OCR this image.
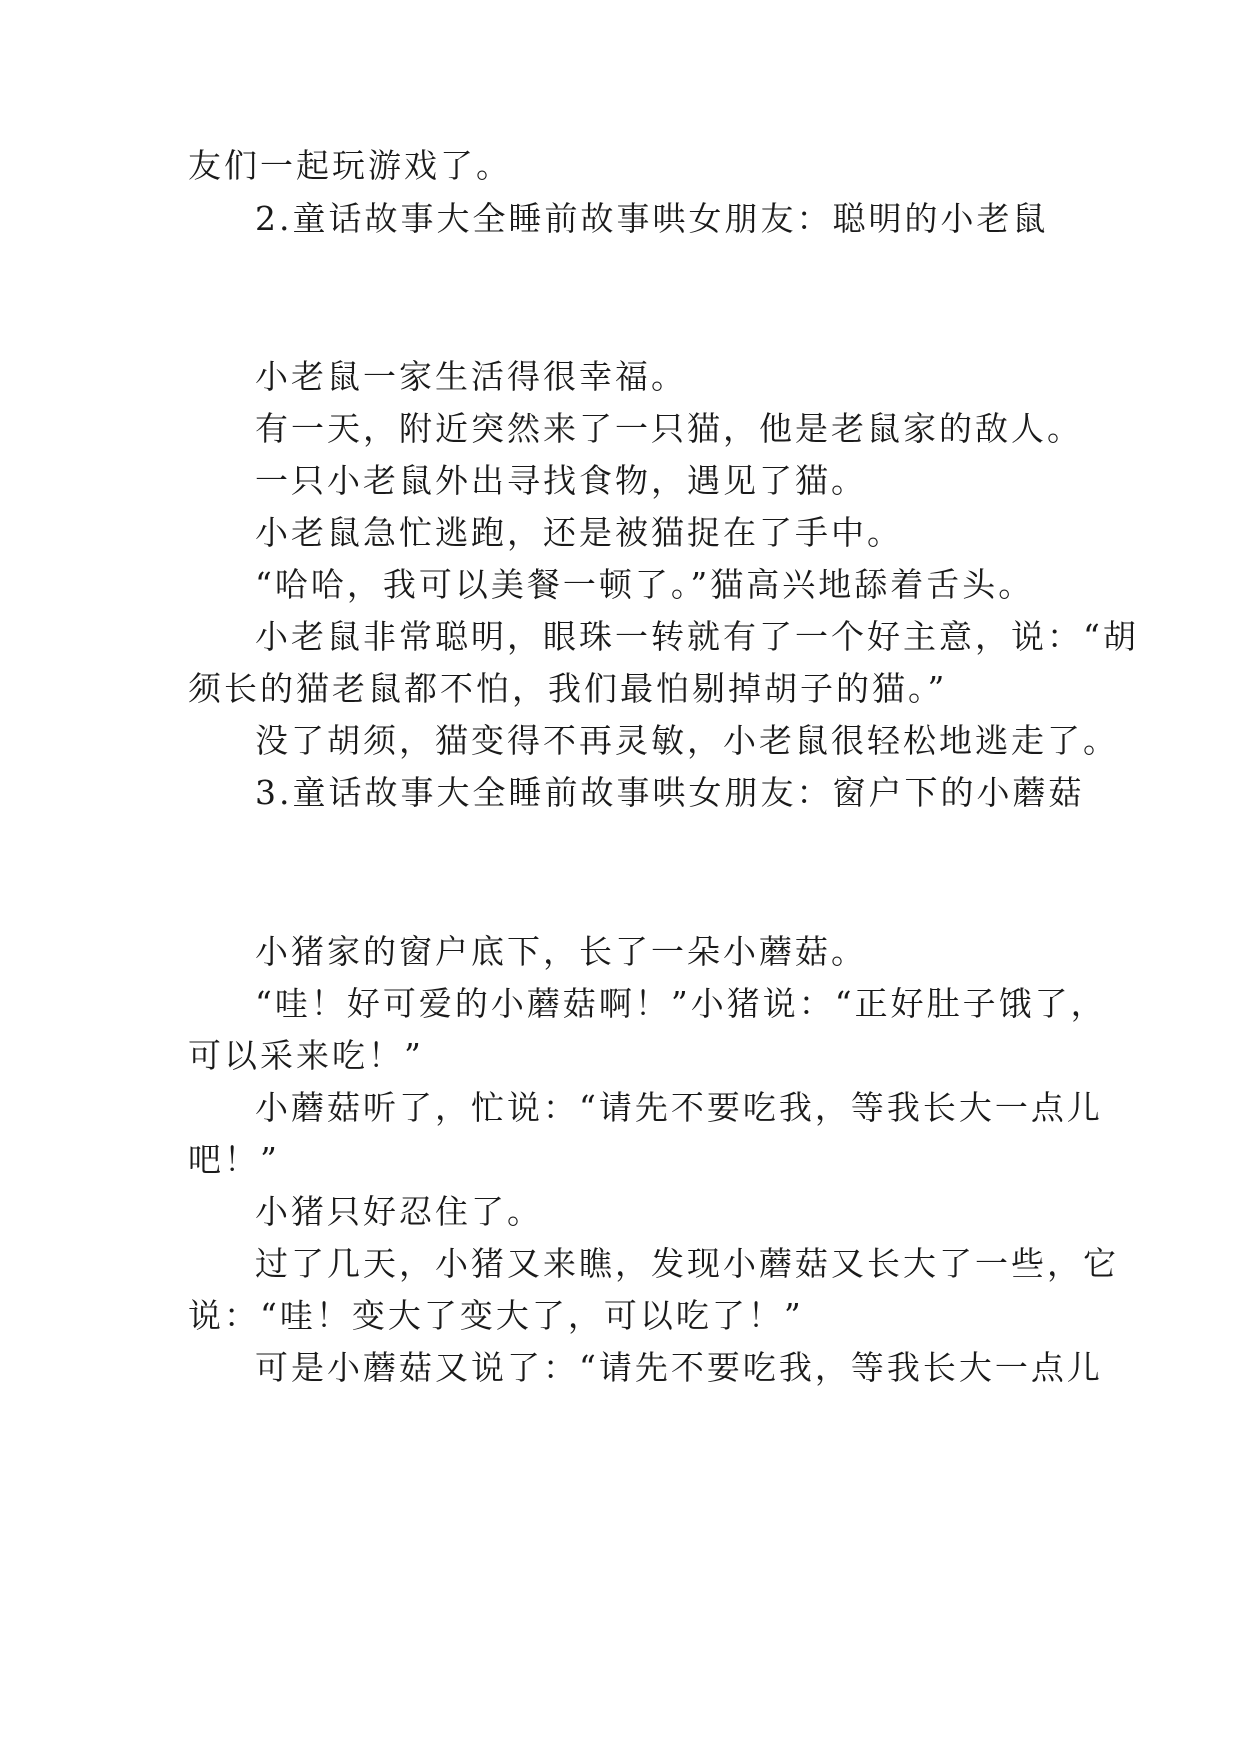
友们一起玩游戏了。
2.童话故事大全睡前故事哄女朋友：聪明的小老鼠
小老鼠一家生活得很幸福。
有一天，附近突然来了一只猫，他是老鼠家的敌人。
一只小老鼠外出寻找食物，遇见了猫。
小老鼠急忙逃跑，还是被猫捉在了手中。
“哈哈，我可以美餐一顿了。”猫高兴地舔着舌头。
小老鼠非常聪明，眼珠一转就有了一个好主意，说：“胡
须长的猫老鼠都不怕，我们最怕剔掉胡子的猫。”
没了胡须，猫变得不再灵敏，小老鼠很轻松地逃走了。
3.童话故事大全睡前故事哄女朋友：窗户下的小蘑菇
小猪家的窗户底下，长了一朵小蘑菇。
“哇！好可爱的小蘑菇啊！”小猪说：“正好肚子饿了，
可以采来吃！”
小蘑菇听了，忙说：“请先不要吃我，等我长大一点儿
吧！”
小猪只好忍住了。
过了几天，小猪又来瞧，发现小蘑菇又长大了一些，它
说：“哇！变大了变大了，可以吃了！”
可是小蘑菇又说了：“请先不要吃我，等我长大一点儿
